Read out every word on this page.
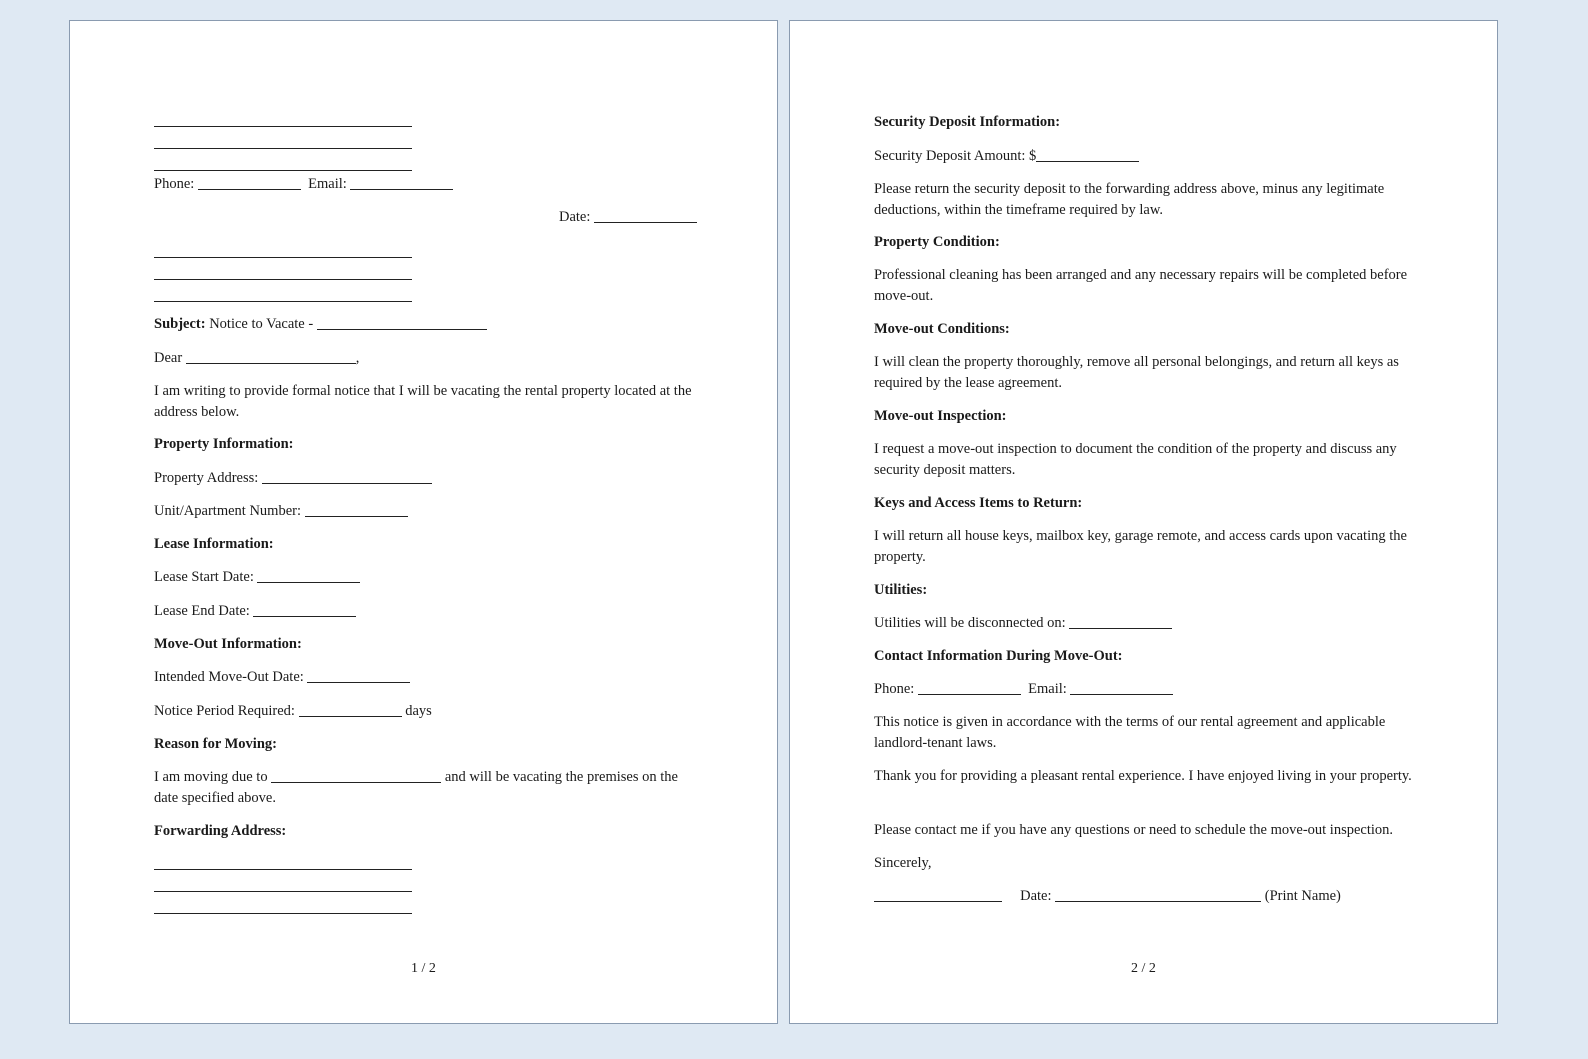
Phone:	Email:
Date:
Subject: Notice to Vacate -
Dear	,
I am writing to provide formal notice that I will be vacating the rental property located at the address below.
Property Information:
Property Address:
Unit/Apartment Number:
Lease Information:
Lease Start Date:
Lease End Date:
Move-Out Information:
Intended Move-Out Date:
Notice Period Required:	days
Reason for Moving:
I am moving due to	and will be vacating the premises on the
date specified above.
Forwarding Address:
1 / 2
Security Deposit Information:
Security Deposit Amount: $
Please return the security deposit to the forwarding address above, minus any legitimate deductions, within the timeframe required by law.
Property Condition:
Professional cleaning has been arranged and any necessary repairs will be completed before move-out.
Move-out Conditions:
I will clean the property thoroughly, remove all personal belongings, and return all keys as required by the lease agreement.
Move-out Inspection:
I request a move-out inspection to document the condition of the property and discuss any security deposit matters.
Keys and Access Items to Return:
I will return all house keys, mailbox key, garage remote, and access cards upon vacating the property.
Utilities:
Utilities will be disconnected on:
Contact Information During Move-Out:
Phone:	Email:
This notice is given in accordance with the terms of our rental agreement and applicable landlord-tenant laws.
Thank you for providing a pleasant rental experience. I have enjoyed living in your property.
Please contact me if you have any questions or need to schedule the move-out inspection.
Sincerely,
Date:	(Print Name)
2 / 2
